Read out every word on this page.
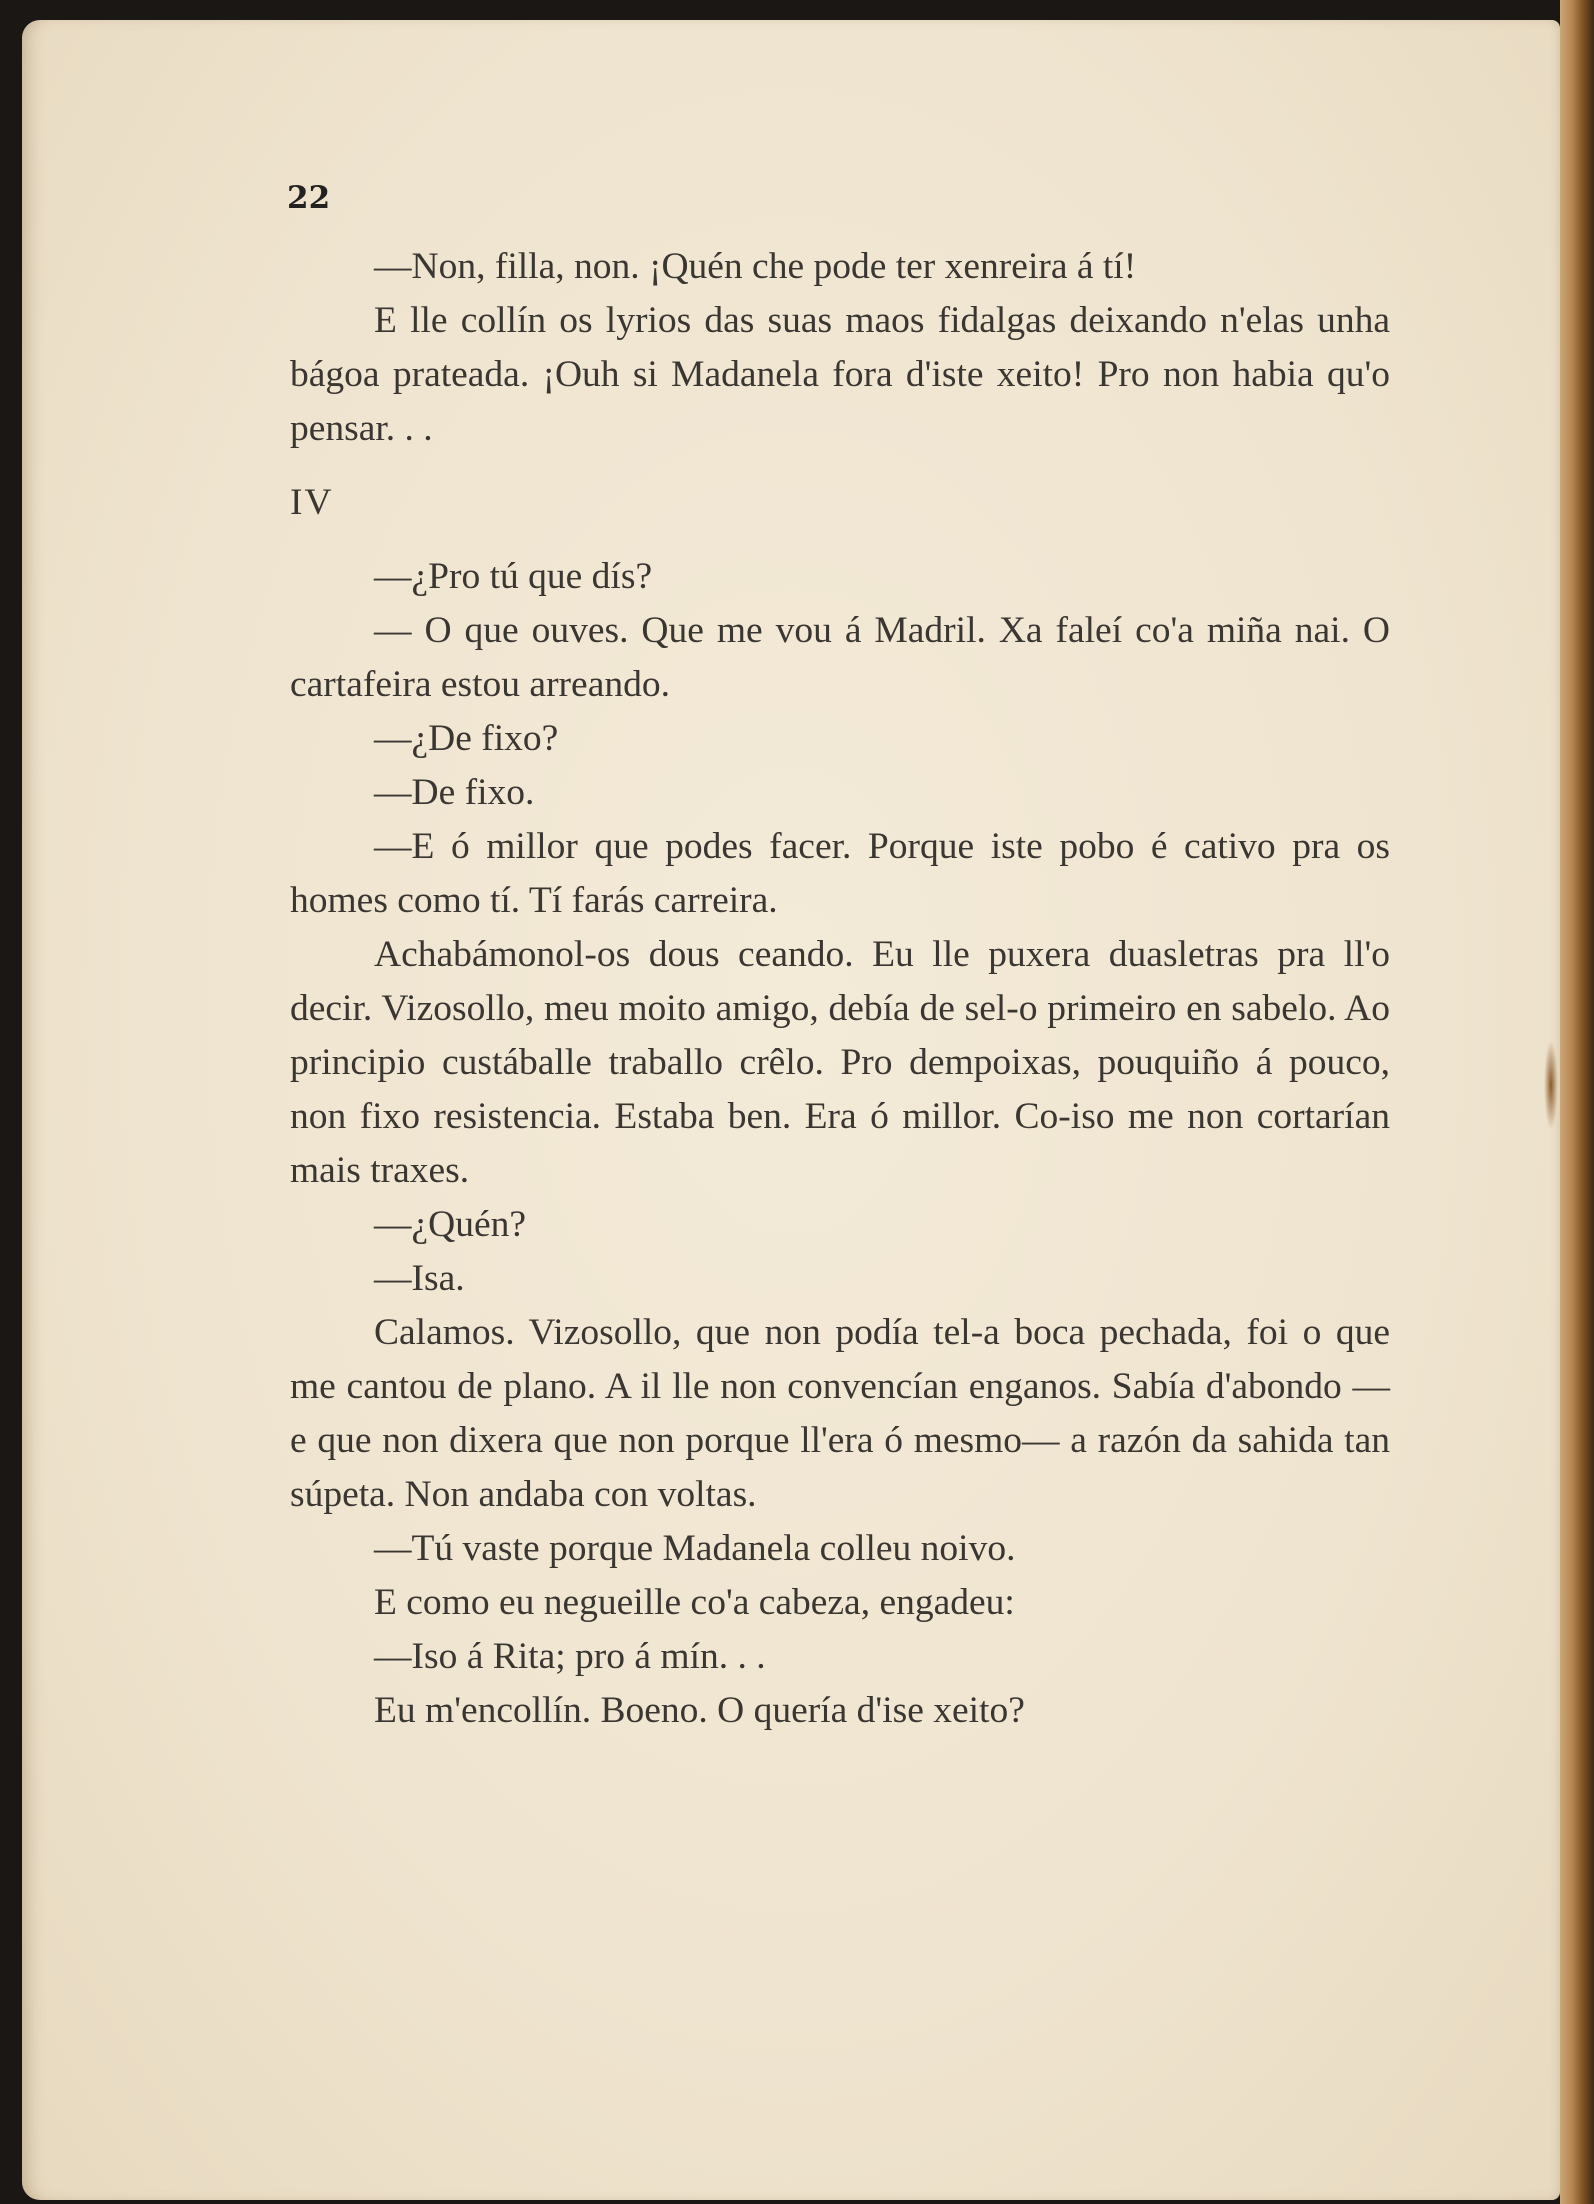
22

—Non, filla, non. ¡Quén che pode ter xenreira á tí!

E lle collín os lyrios das suas maos fidalgas deixando n'elas unha bágoa prateada. ¡Ouh si Madanela fora d'iste xeito! Pro non habia qu'o pensar. . .

IV

—¿Pro tú que dís?

— O que ouves. Que me vou á Madril. Xa faleí co'a miña nai. O cartafeira estou arreando.

—¿De fixo?

—De fixo.

—E ó millor que podes facer. Porque iste pobo é cativo pra os homes como tí. Tí farás carreira.

Achabámonol-os dous ceando. Eu lle puxera duasletras pra ll'o decir. Vizosollo, meu moito amigo, debía de sel-o primeiro en sabelo. Ao principio custáballe traballo crêlo. Pro dempoixas, pouquiño á pouco, non fixo resistencia. Estaba ben. Era ó millor. Co-iso me non cortarían mais traxes.

—¿Quén?

—Isa.

Calamos. Vizosollo, que non podía tel-a boca pechada, foi o que me cantou de plano. A il lle non convencían enganos. Sabía d'abondo —e que non dixera que non porque ll'era ó mesmo— a razón da sahida tan súpeta. Non andaba con voltas.

—Tú vaste porque Madanela colleu noivo.

E como eu negueille co'a cabeza, engadeu:

—Iso á Rita; pro á mín. . .

Eu m'encollín. Boeno. O quería d'ise xeito?
